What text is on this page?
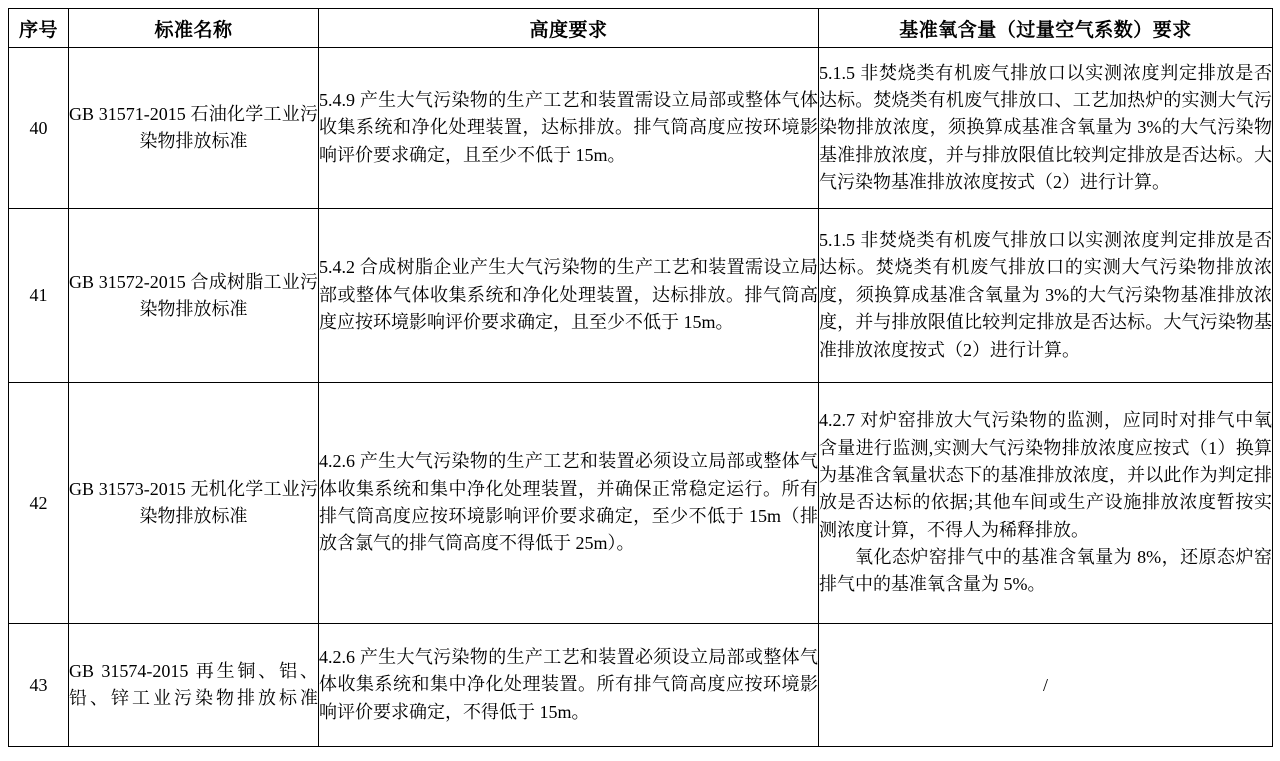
序号	标准名称	高度要求	基准氧含量（过量空气系数）要求
40	GB 31571-2015 石油化学工业污染物排放标准	5.4.9 产生大气污染物的生产工艺和装置需设立局部或整体气体收集系统和净化处理装置，达标排放。排气筒高度应按环境影响评价要求确定，且至少不低于 15m。	5.1.5 非焚烧类有机废气排放口以实测浓度判定排放是否达标。焚烧类有机废气排放口、工艺加热炉的实测大气污染物排放浓度，须换算成基准含氧量为 3%的大气污染物基准排放浓度，并与排放限值比较判定排放是否达标。大气污染物基准排放浓度按式（2）进行计算。
41	GB 31572-2015 合成树脂工业污染物排放标准	5.4.2 合成树脂企业产生大气污染物的生产工艺和装置需设立局部或整体气体收集系统和净化处理装置，达标排放。排气筒高度应按环境影响评价要求确定，且至少不低于 15m。	5.1.5 非焚烧类有机废气排放口以实测浓度判定排放是否达标。焚烧类有机废气排放口的实测大气污染物排放浓度，须换算成基准含氧量为 3%的大气污染物基准排放浓度，并与排放限值比较判定排放是否达标。大气污染物基准排放浓度按式（2）进行计算。
42	GB 31573-2015 无机化学工业污染物排放标准	4.2.6 产生大气污染物的生产工艺和装置必须设立局部或整体气体收集系统和集中净化处理装置，并确保正常稳定运行。所有排气筒高度应按环境影响评价要求确定，至少不低于 15m（排放含氯气的排气筒高度不得低于 25m）。	4.2.7 对炉窑排放大气污染物的监测，应同时对排气中氧含量进行监测,实测大气污染物排放浓度应按式（1）换算为基准含氧量状态下的基准排放浓度，并以此作为判定排放是否达标的依据;其他车间或生产设施排放浓度暂按实测浓度计算，不得人为稀释排放。

氧化态炉窑排气中的基准含氧量为 8%，还原态炉窑排气中的基准氧含量为 5%。

43	GB 31574-2015 再生铜、铝、铅、锌工业污染物排放标准	4.2.6 产生大气污染物的生产工艺和装置必须设立局部或整体气体收集系统和集中净化处理装置。所有排气筒高度应按环境影响评价要求确定，不得低于 15m。	/
